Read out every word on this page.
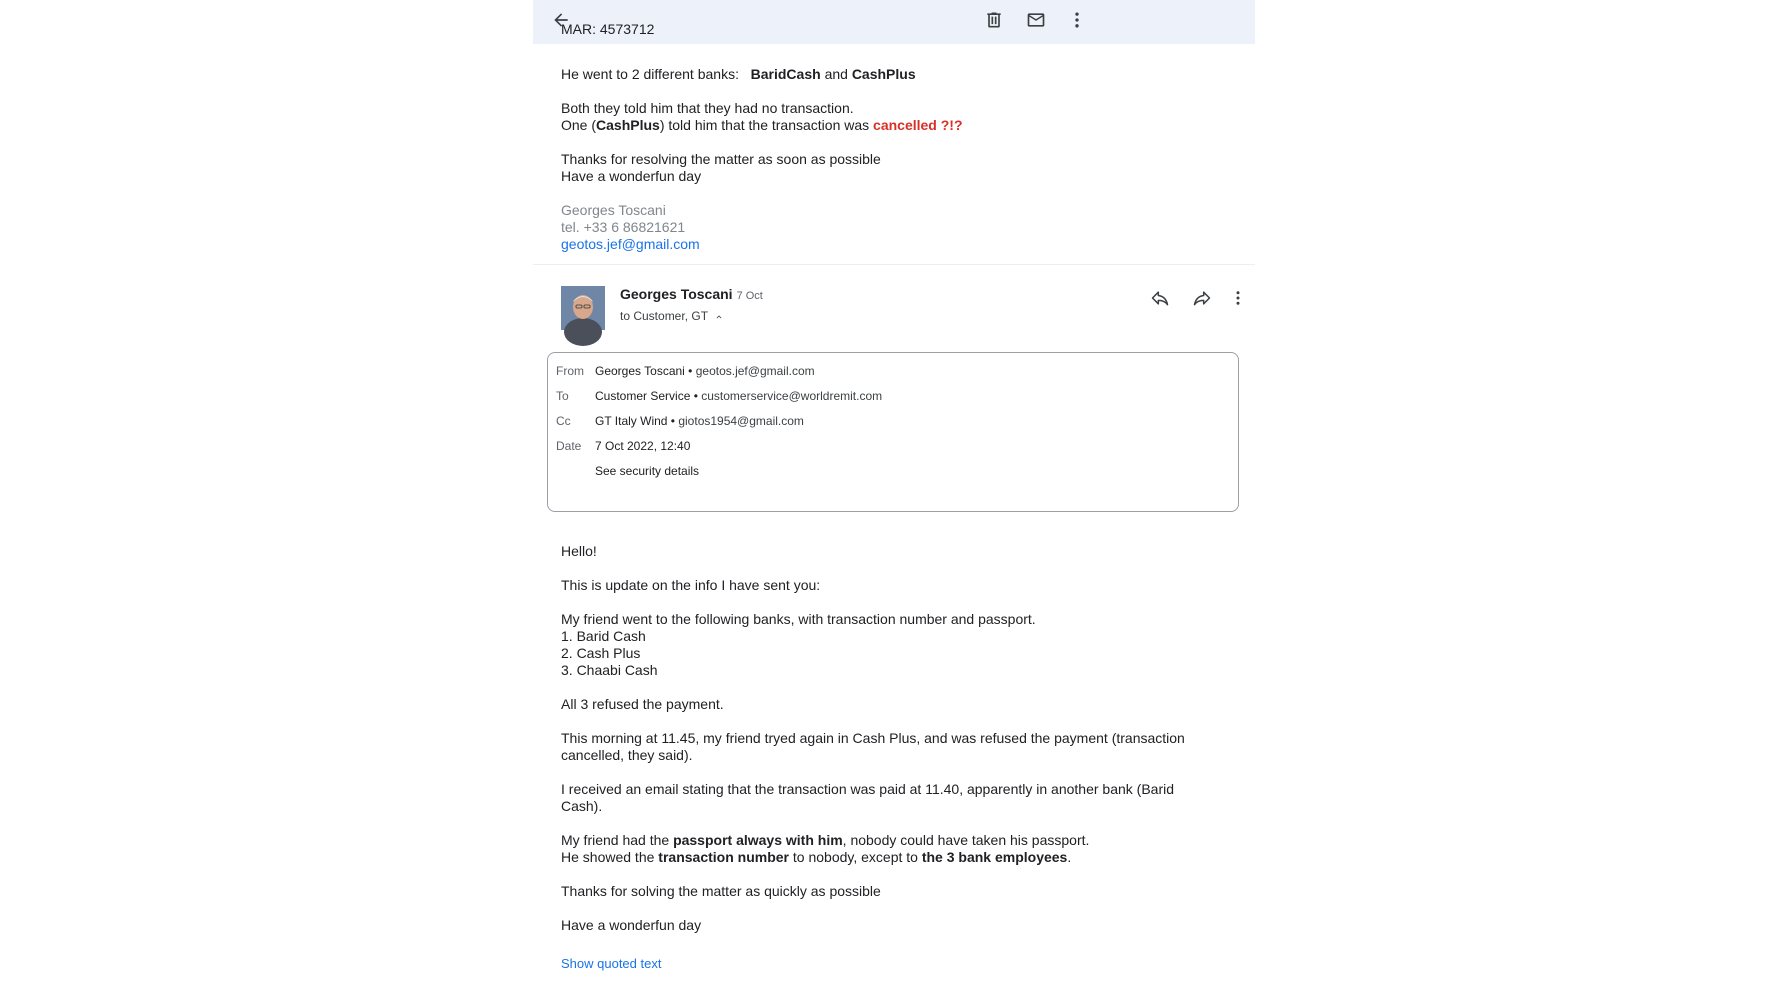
MAR: 4573712
He went to 2 different banks: BaridCash and CashPlus
Both they told him that they had no transaction.
One (CashPlus) told him that the transaction was cancelled ?!?
Thanks for resolving the matter as soon as possible
Have a wonderfun day
Georges Toscani
tel. +33 6 86821621
geotos.jef@gmail.com
Georges Toscani 7 Oct
to Customer, GT
From Georges Toscani • geotos.jef@gmail.com
To Customer Service • customerservice@worldremit.com
Cc GT Italy Wind • giotos1954@gmail.com
Date 7 Oct 2022, 12:40
See security details
Hello!
This is update on the info I have sent you:
My friend went to the following banks, with transaction number and passport.
1. Barid Cash
2. Cash Plus
3. Chaabi Cash
All 3 refused the payment.
This morning at 11.45, my friend tryed again in Cash Plus, and was refused the payment (transaction
cancelled, they said).
I received an email stating that the transaction was paid at 11.40, apparently in another bank (Barid
Cash).
My friend had the passport always with him, nobody could have taken his passport.
He showed the transaction number to nobody, except to the 3 bank employees.
Thanks for solving the matter as quickly as possible
Have a wonderfun day
Show quoted text
